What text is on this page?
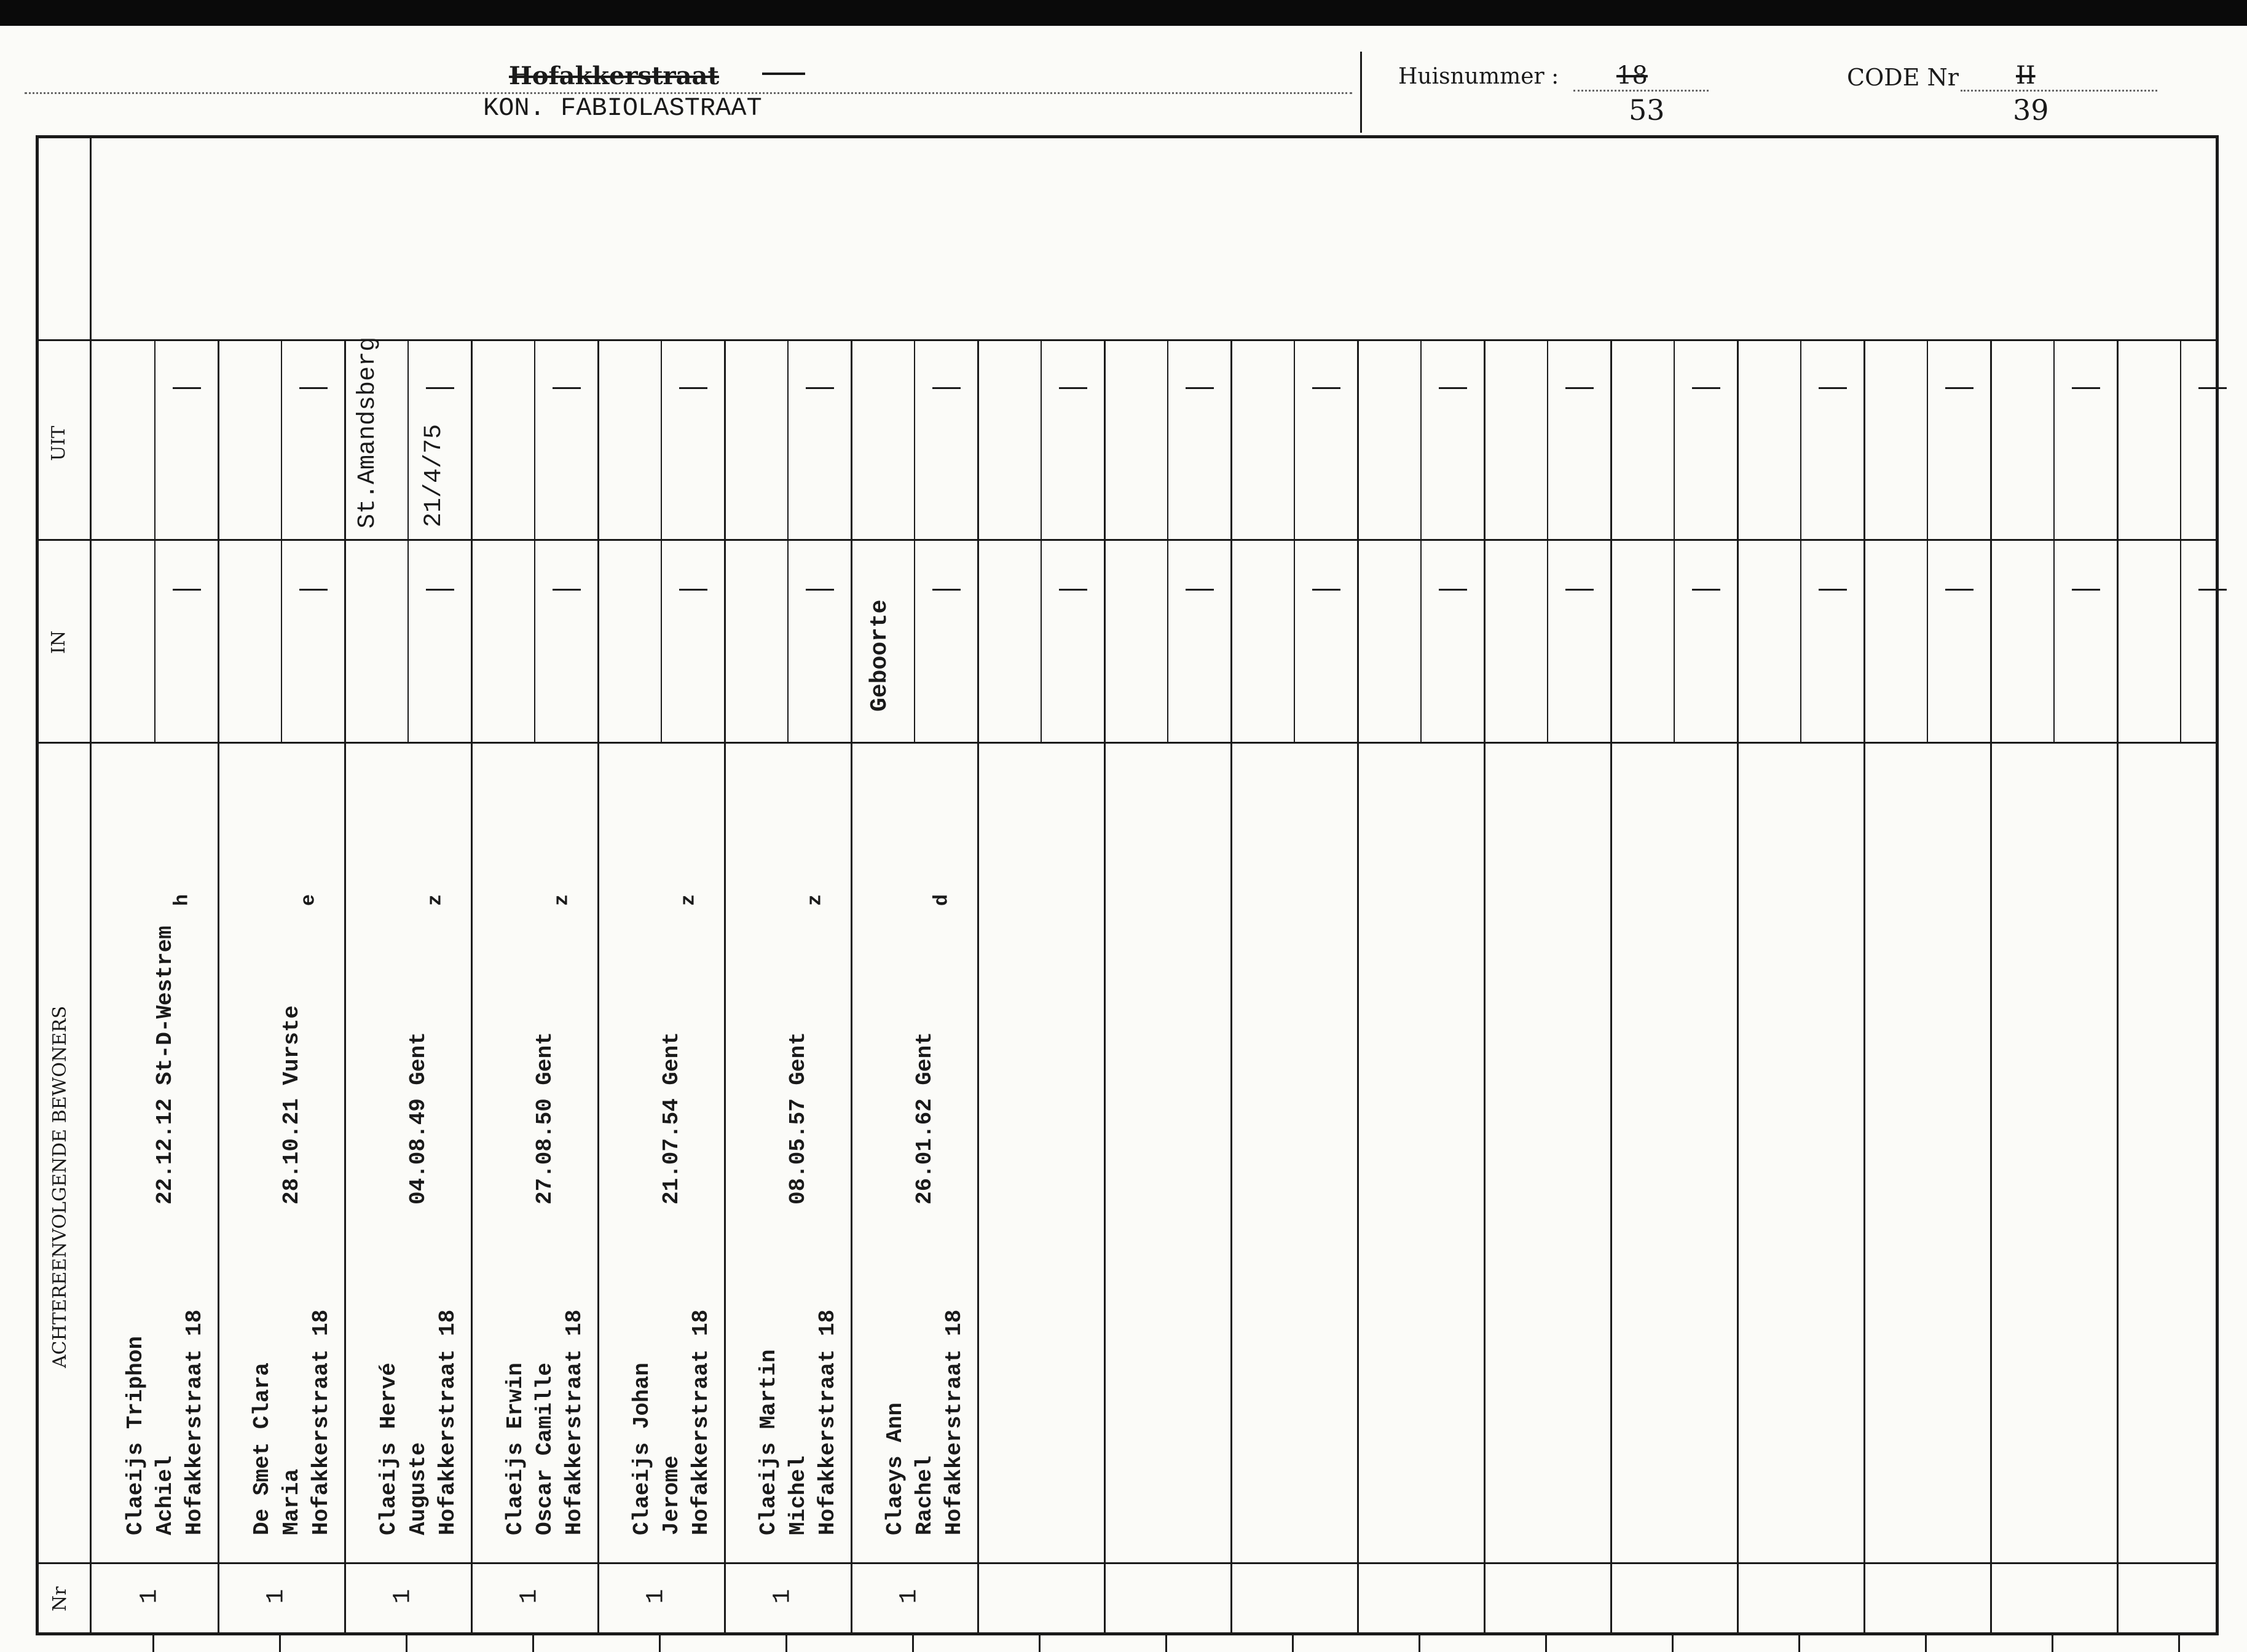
Hofakkerstraat
KON. FABIOLASTRAAT
Huisnummer : 18
53
CODE Nr II
39
UIT
IN
ACHTEREENVOLGENDE BEWONERS
Nr
Claeijs Triphon Achiel Hofakkerstraat 18
22.12.12 St-D-Westrem
h
1
De Smet Clara Maria Hofakkerstraat 18
28.10.21 Vurste
e
1
Claeijs Hervé Auguste Hofakkerstraat 18
04.08.49 Gent
z
1
St.Amandsberg 21/4/75
Claeijs Erwin Oscar Camille Hofakkerstraat 18
27.08.50 Gent
z
1
Claeijs Johan Jerome Hofakkerstraat 18
21.07.54 Gent
z
1
Claeijs Martin Michel Hofakkerstraat 18
08.05.57 Gent
z
1
Claeys Ann Rachel Hofakkerstraat 18
26.01.62 Gent
d
1
Geboorte
